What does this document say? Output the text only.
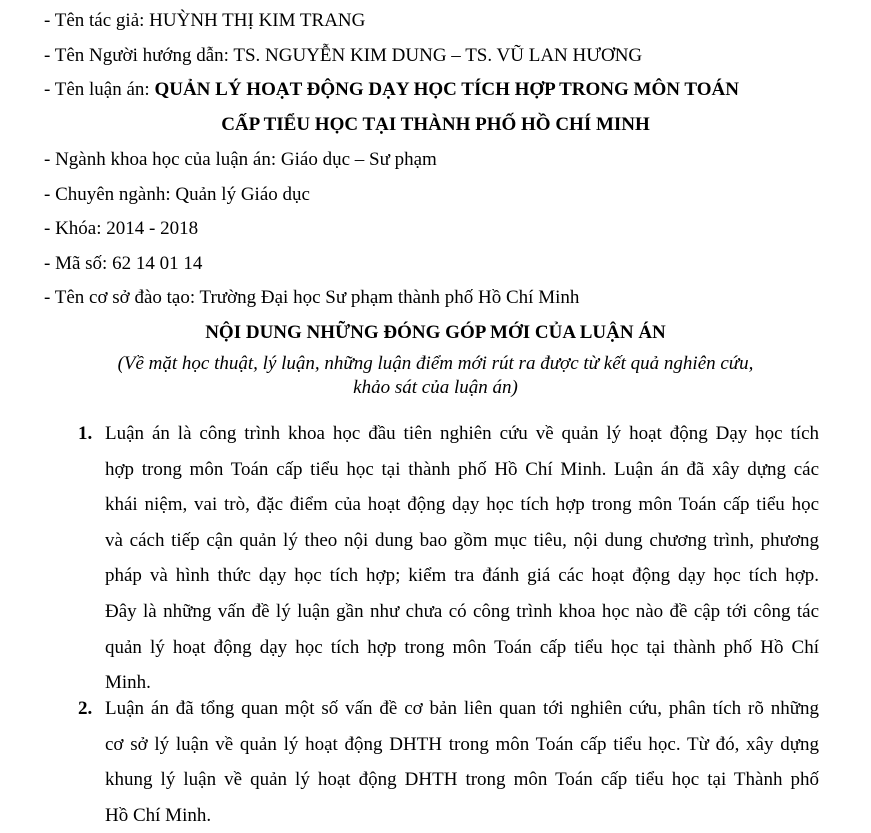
- Tên tác giả: HUỲNH THỊ KIM TRANG
- Tên Người hướng dẫn: TS. NGUYỄN KIM DUNG – TS. VŨ LAN HƯƠNG
- Tên luận án: QUẢN LÝ HOẠT ĐỘNG DẠY HỌC TÍCH HỢP TRONG MÔN TOÁN
CẤP TIỂU HỌC TẠI THÀNH PHỐ HỒ CHÍ MINH
- Ngành khoa học của luận án: Giáo dục – Sư phạm
- Chuyên ngành: Quản lý Giáo dục
- Khóa: 2014 - 2018
- Mã số: 62 14 01 14
- Tên cơ sở đào tạo: Trường Đại học Sư phạm thành phố Hồ Chí Minh
NỘI DUNG NHỮNG ĐÓNG GÓP MỚI CỦA LUẬN ÁN
(Về mặt học thuật, lý luận, những luận điểm mới rút ra được từ kết quả nghiên cứu,
khảo sát của luận án)
1. Luận án là công trình khoa học đầu tiên nghiên cứu về quản lý hoạt động Dạy học tích
hợp trong môn Toán cấp tiểu học tại thành phố Hồ Chí Minh. Luận án đã xây dựng các
khái niệm, vai trò, đặc điểm của hoạt động dạy học tích hợp trong môn Toán cấp tiểu học
và cách tiếp cận quản lý theo nội dung bao gồm mục tiêu, nội dung chương trình, phương
pháp và hình thức dạy học tích hợp; kiểm tra đánh giá các hoạt động dạy học tích hợp.
Đây là những vấn đề lý luận gần như chưa có công trình khoa học nào đề cập tới công tác
quản lý hoạt động dạy học tích hợp trong môn Toán cấp tiểu học tại thành phố Hồ Chí
Minh.
2. Luận án đã tổng quan một số vấn đề cơ bản liên quan tới nghiên cứu, phân tích rõ những
cơ sở lý luận về quản lý hoạt động DHTH trong môn Toán cấp tiểu học. Từ đó, xây dựng
khung lý luận về quản lý hoạt động DHTH trong môn Toán cấp tiểu học tại Thành phố
Hồ Chí Minh.
